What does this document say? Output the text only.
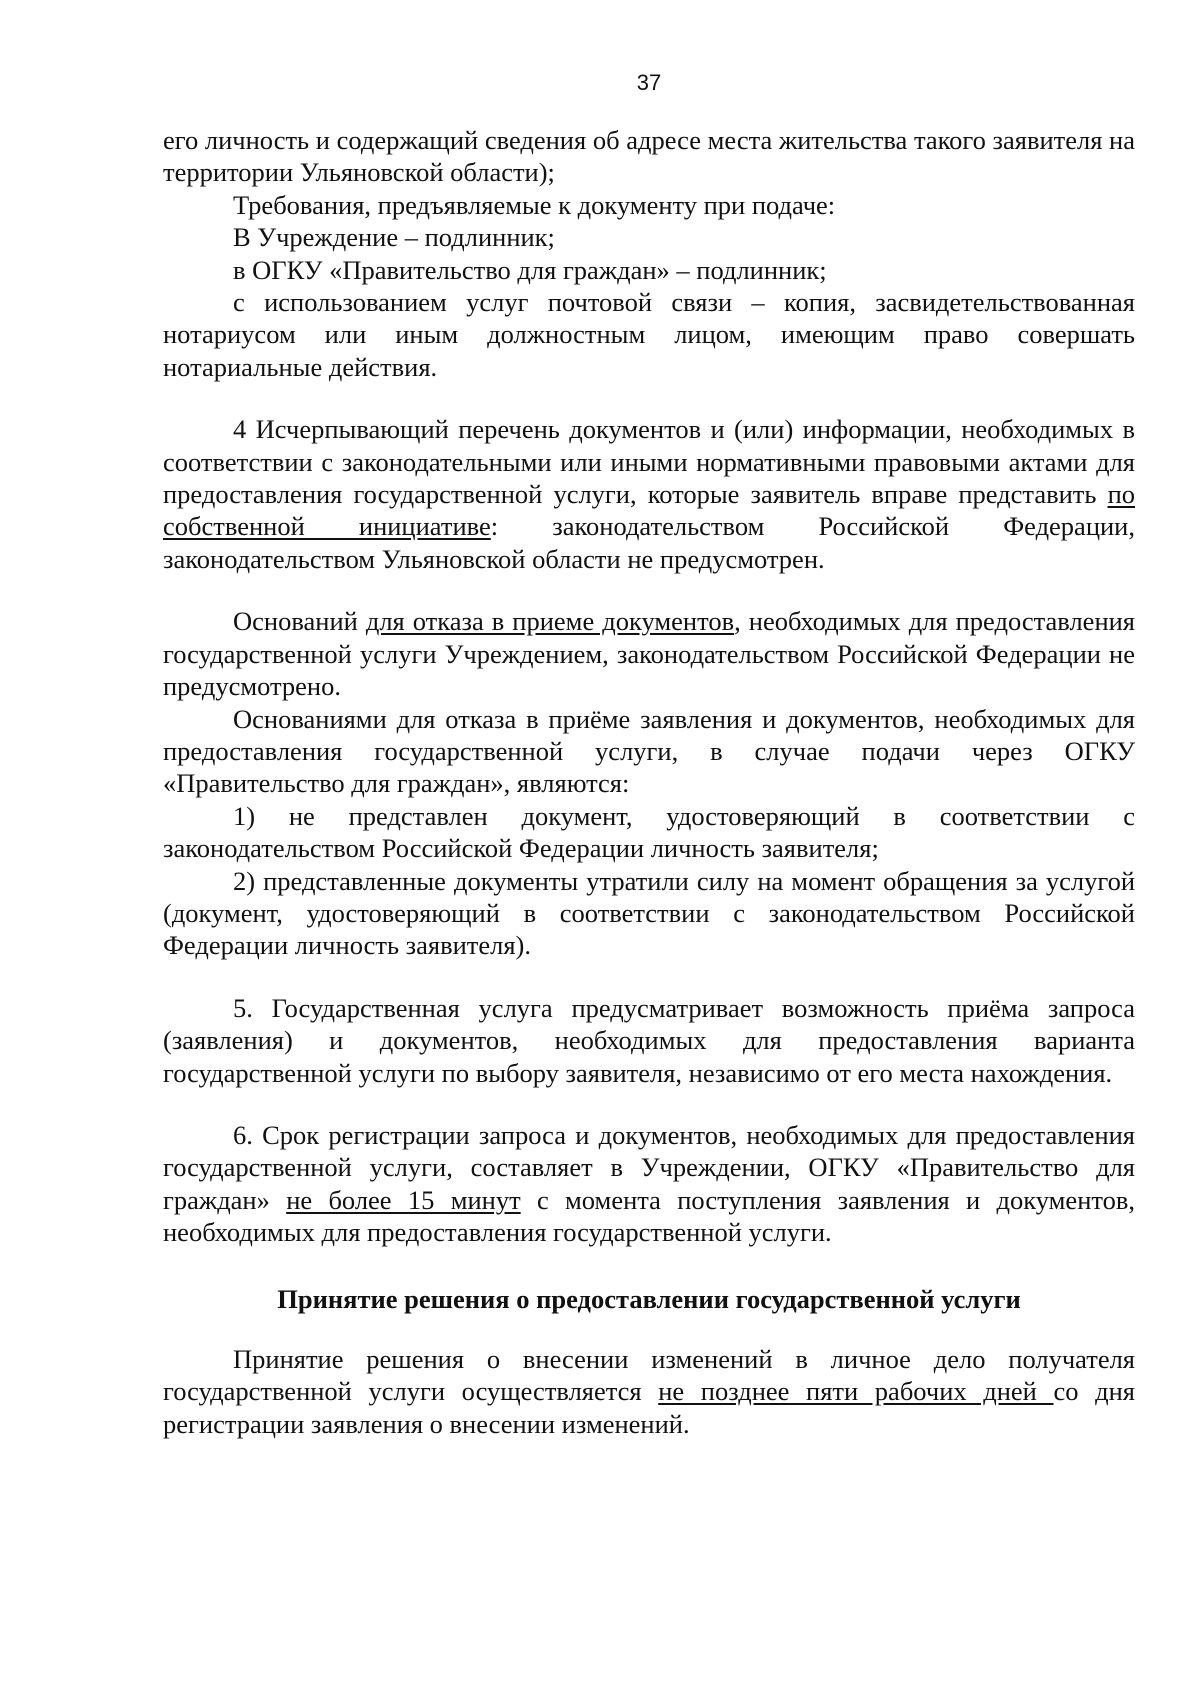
37

его личность и содержащий сведения об адресе места жительства такого заявителя на территории Ульяновской области);

Требования, предъявляемые к документу при подаче:

В Учреждение – подлинник;

в ОГКУ «Правительство для граждан» – подлинник;

с использованием услуг почтовой связи – копия, засвидетельствованная нотариусом или иным должностным лицом, имеющим право совершать нотариальные действия.

4 Исчерпывающий перечень документов и (или) информации, необходимых в соответствии с законодательными или иными нормативными правовыми актами для предоставления государственной услуги, которые заявитель вправе представить по собственной инициативе: законодательством Российской Федерации, законодательством Ульяновской области не предусмотрен.

Оснований для отказа в приеме документов, необходимых для предоставления государственной услуги Учреждением, законодательством Российской Федерации не предусмотрено.

Основаниями для отказа в приёме заявления и документов, необходимых для предоставления государственной услуги, в случае подачи через ОГКУ «Правительство для граждан», являются:

1) не представлен документ, удостоверяющий в соответствии с законодательством Российской Федерации личность заявителя;

2) представленные документы утратили силу на момент обращения за услугой (документ, удостоверяющий в соответствии с законодательством Российской Федерации личность заявителя).

5. Государственная услуга предусматривает возможность приёма запроса (заявления) и документов, необходимых для предоставления варианта государственной услуги по выбору заявителя, независимо от его места нахождения.

6. Срок регистрации запроса и документов, необходимых для предоставления государственной услуги, составляет в Учреждении, ОГКУ «Правительство для граждан» не более 15 минут с момента поступления заявления и документов, необходимых для предоставления государственной услуги.

Принятие решения о предоставлении государственной услуги

Принятие решения о внесении изменений в личное дело получателя государственной услуги осуществляется не позднее пяти рабочих дней со дня регистрации заявления о внесении изменений.
